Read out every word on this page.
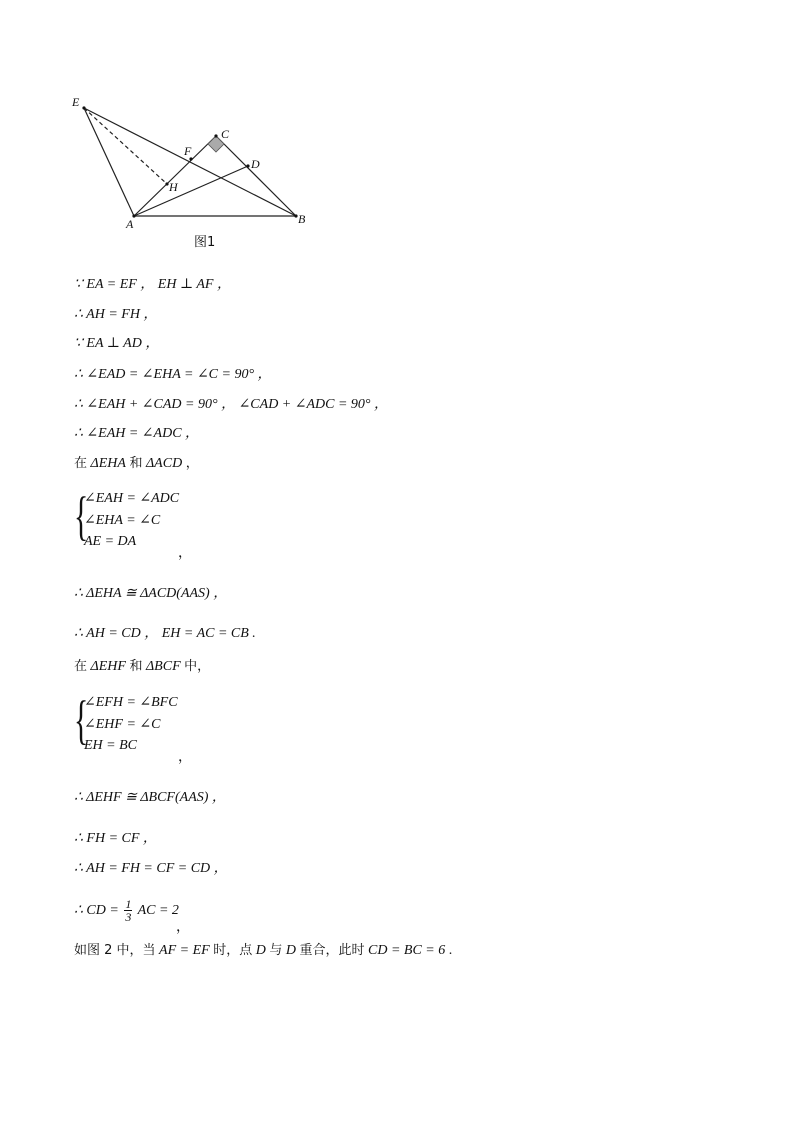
E
A	B
C
D
F
H
图1
∵ EA = EF ， EH ⊥ AF ，
∴ AH = FH ，
∵ EA ⊥ AD ，
∴ ∠EAD = ∠EHA = ∠C = 90° ，
∴ ∠EAH + ∠CAD = 90° ， ∠CAD + ∠ADC = 90° ，
∴ ∠EAH = ∠ADC ，
在 ΔEHA 和 ΔACD ，
{
∠EAH = ∠ADC
∠EHA = ∠C
AE = DA
，
∴ ΔEHA ≅ ΔACD(AAS) ，
∴ AH = CD ， EH = AC = CB .
在 ΔEHF 和 ΔBCF 中，
{
∠EFH = ∠BFC
∠EHF = ∠C
EH = BC
，
∴ ΔEHF ≅ ΔBCF(AAS) ，
∴ FH = CF ，
∴ AH = FH = CF = CD ，
∴ CD = $\frac{1}{3}$ AC = 2
，
如图 2 中，当 AF = EF 时，点 D 与 D 重合，此时 CD = BC = 6 .
